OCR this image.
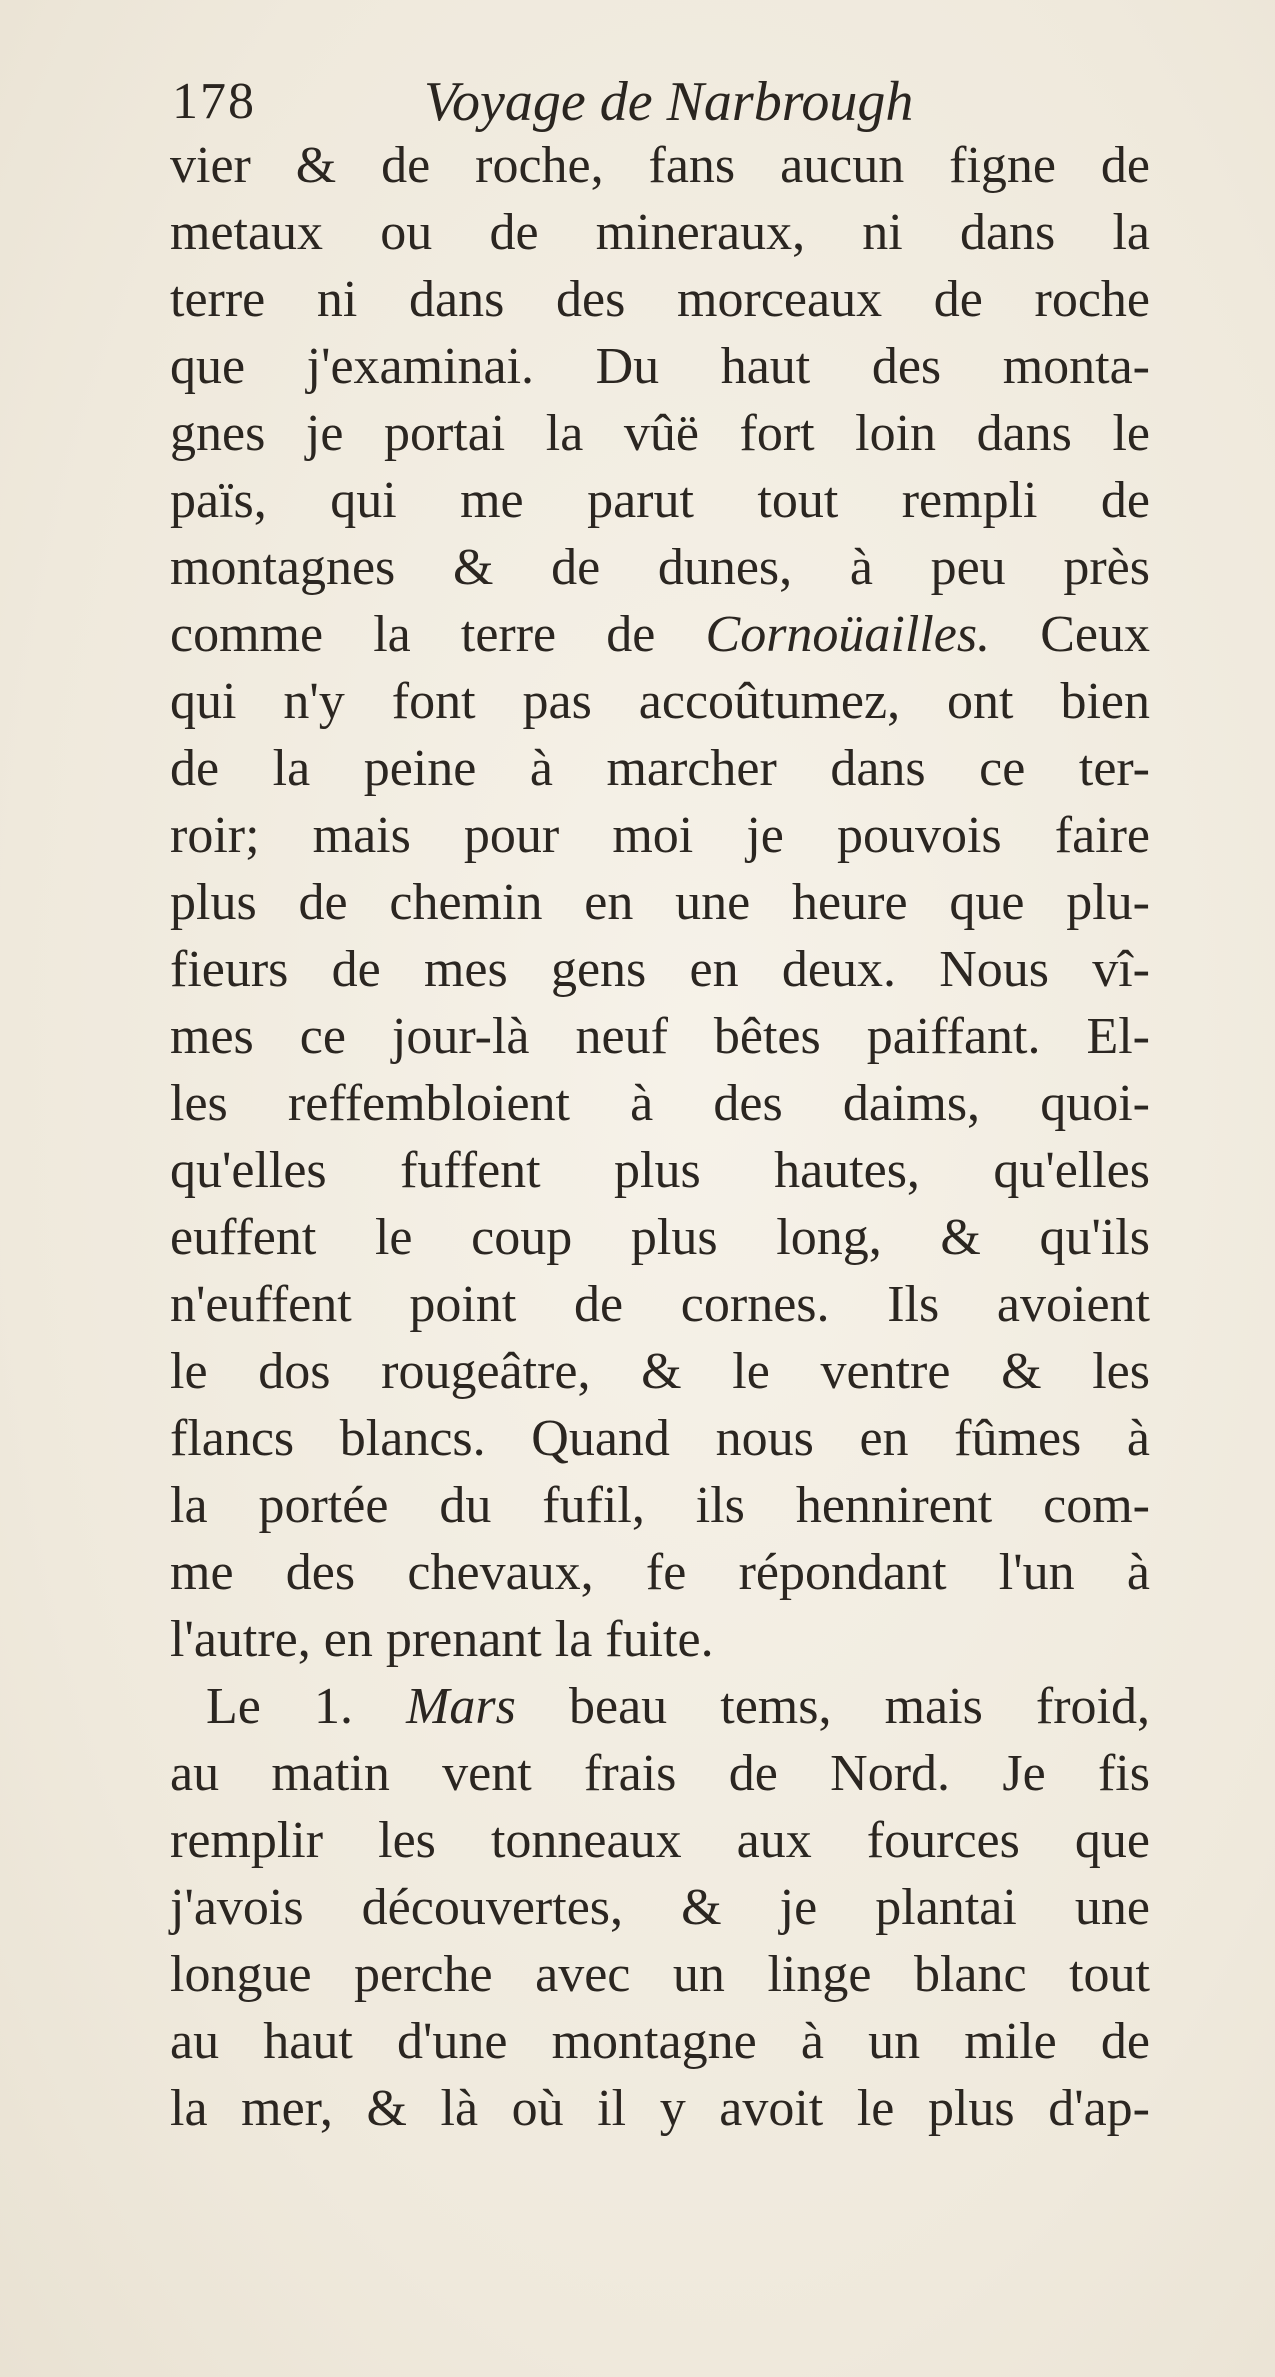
178	Voyage de Narbrough
vier & de roche, fans aucun figne de
metaux ou de mineraux, ni dans la
terre ni dans des morceaux de roche
que j'examinai. Du haut des monta-
gnes je portai la vûë fort loin dans le
païs, qui me parut tout rempli de
montagnes & de dunes, à peu près
comme la terre de Cornoüailles. Ceux
qui n'y font pas accoûtumez, ont bien
de la peine à marcher dans ce ter-
roir; mais pour moi je pouvois faire
plus de chemin en une heure que plu-
fieurs de mes gens en deux. Nous vî-
mes ce jour-là neuf bêtes paiffant. El-
les reffembloient à des daims, quoi-
qu'elles fuffent plus hautes, qu'elles
euffent le coup plus long, & qu'ils
n'euffent point de cornes. Ils avoient
le dos rougeâtre, & le ventre & les
flancs blancs. Quand nous en fûmes à
la portée du fufil, ils hennirent com-
me des chevaux, fe répondant l'un à
l'autre, en prenant la fuite.
Le 1. Mars beau tems, mais froid,
au matin vent frais de Nord. Je fis
remplir les tonneaux aux fources que
j'avois découvertes, & je plantai une
longue perche avec un linge blanc tout
au haut d'une montagne à un mile de
la mer, & là où il y avoit le plus d'ap-
